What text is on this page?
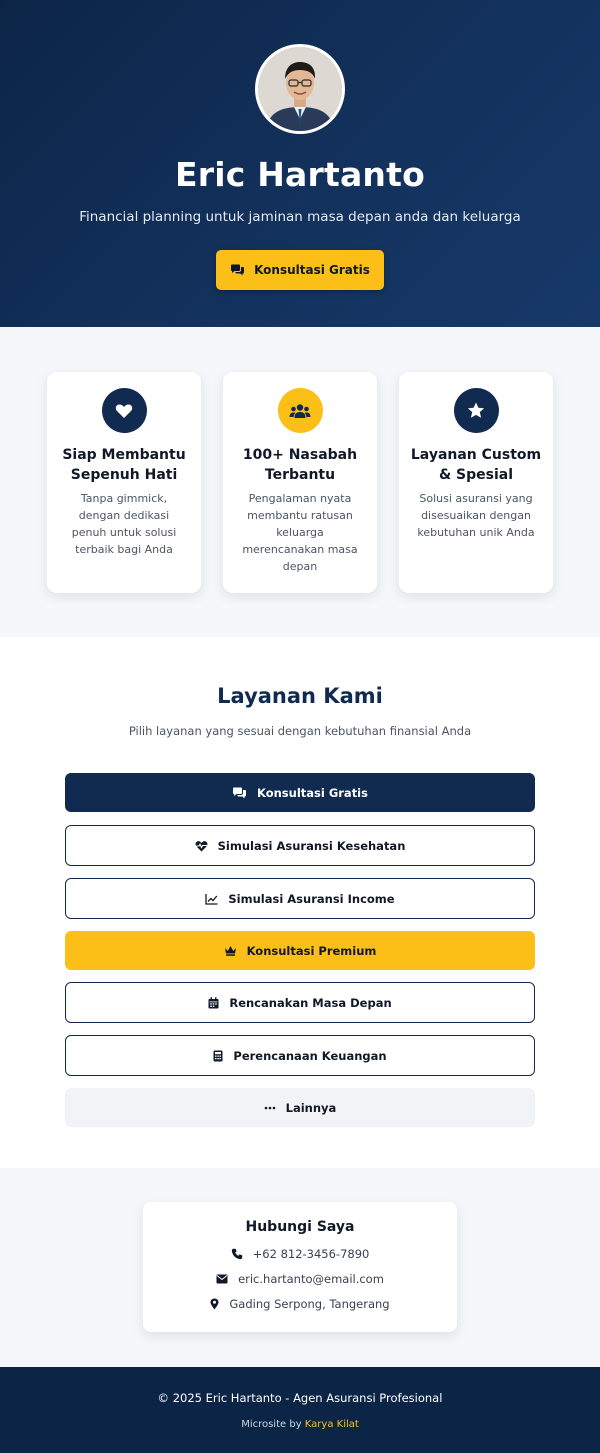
Eric Hartanto

Financial planning untuk jaminan masa depan anda dan keluarga

Konsultasi Gratis
Siap Membantu Sepenuh Hati
Tanpa gimmick, dengan dedikasi penuh untuk solusi terbaik bagi Anda
100+ Nasabah Terbantu
Pengalaman nyata membantu ratusan keluarga merencanakan masa depan
Layanan Custom & Spesial
Solusi asuransi yang disesuaikan dengan kebutuhan unik Anda
Layanan Kami

Pilih layanan yang sesuai dengan kebutuhan finansial Anda

Konsultasi Gratis
Simulasi Asuransi Kesehatan
Simulasi Asuransi Income
Konsultasi Premium
Rencanakan Masa Depan
Perencanaan Keuangan
Lainnya
Hubungi Saya
+62 812-3456-7890
eric.hartanto@email.com
Gading Serpong, Tangerang
© 2025 Eric Hartanto - Agen Asuransi Profesional
Microsite by Karya Kilat
